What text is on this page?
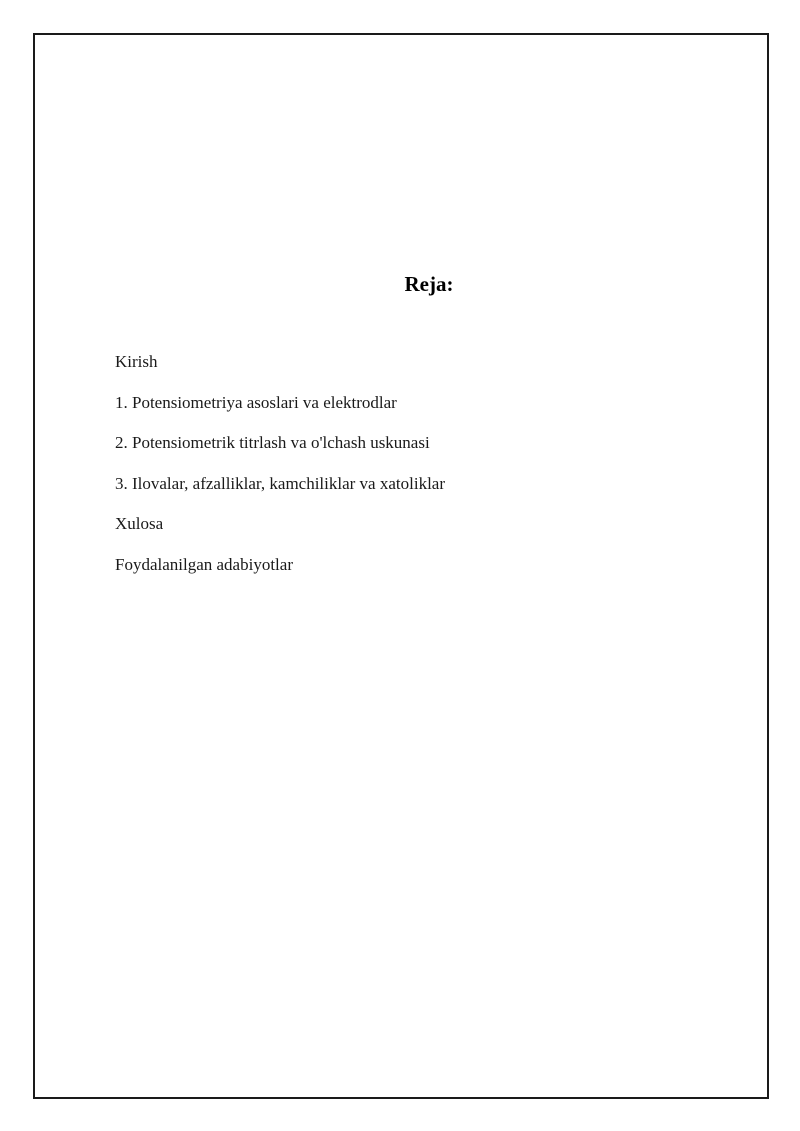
Reja:
Kirish
1. Potensiometriya asoslari va elektrodlar
2. Potensiometrik titrlash va o'lchash uskunasi
3. Ilovalar, afzalliklar, kamchiliklar va xatoliklar
Xulosa
Foydalanilgan adabiyotlar
